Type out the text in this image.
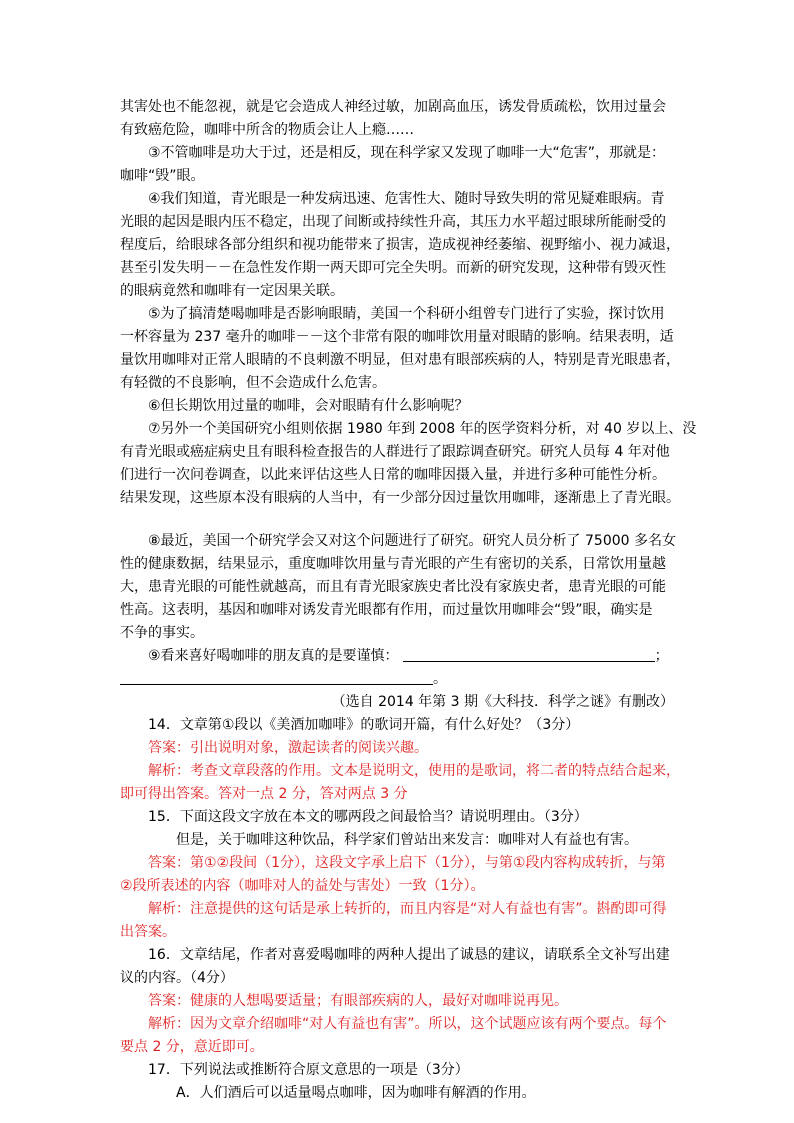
其害处也不能忽视，就是它会造成人神经过敏，加剧高血压，诱发骨质疏松，饮用过量会
有致癌危险，咖啡中所含的物质会让人上瘾……
③不管咖啡是功大于过，还是相反，现在科学家又发现了咖啡一大“危害”，那就是：
咖啡“毁”眼。
④我们知道，青光眼是一种发病迅速、危害性大、随时导致失明的常见疑难眼病。青
光眼的起因是眼内压不稳定，出现了间断或持续性升高，其压力水平超过眼球所能耐受的
程度后，给眼球各部分组织和视功能带来了损害，造成视神经萎缩、视野缩小、视力减退，
甚至引发失明－－在急性发作期一两天即可完全失明。而新的研究发现，这种带有毁灭性
的眼病竟然和咖啡有一定因果关联。
⑤为了搞清楚喝咖啡是否影响眼睛，美国一个科研小组曾专门进行了实验，探讨饮用
一杯容量为 237 毫升的咖啡－－这个非常有限的咖啡饮用量对眼睛的影响。结果表明，适
量饮用咖啡对正常人眼睛的不良刺激不明显，但对患有眼部疾病的人，特别是青光眼患者，
有轻微的不良影响，但不会造成什么危害。
⑥但长期饮用过量的咖啡，会对眼睛有什么影响呢？
⑦另外一个美国研究小组则依据 1980 年到 2008 年的医学资料分析，对 40 岁以上、没
有青光眼或癌症病史且有眼科检查报告的人群进行了跟踪调查研究。研究人员每 4 年对他
们进行一次问卷调查，以此来评估这些人日常的咖啡因摄入量，并进行多种可能性分析。
结果发现，这些原本没有眼病的人当中，有一少部分因过量饮用咖啡，逐渐患上了青光眼。
⑧最近，美国一个研究学会又对这个问题进行了研究。研究人员分析了 75000 多名女
性的健康数据，结果显示，重度咖啡饮用量与青光眼的产生有密切的关系，日常饮用量越
大，患青光眼的可能性就越高，而且有青光眼家族史者比没有家族史者，患青光眼的可能
性高。这表明，基因和咖啡对诱发青光眼都有作用，而过量饮用咖啡会“毁”眼，确实是
不争的事实。
⑨看来喜好喝咖啡的朋友真的是要谨慎：	；
。
（选自 2014 年第 3 期《大科技．科学之谜》有删改）
14．文章第①段以《美酒加咖啡》的歌词开篇，有什么好处？（3分）
答案：引出说明对象，激起读者的阅读兴趣。
解析：考查文章段落的作用。文本是说明文，使用的是歌词，将二者的特点结合起来，
即可得出答案。答对一点 2 分，答对两点 3 分
15．下面这段文字放在本文的哪两段之间最恰当？请说明理由。（3分）
但是，关于咖啡这种饮品，科学家们曾站出来发言：咖啡对人有益也有害。
答案：第①②段间（1分），这段文字承上启下（1分），与第①段内容构成转折，与第
②段所表述的内容（咖啡对人的益处与害处）一致（1分）。
解析：注意提供的这句话是承上转折的，而且内容是“对人有益也有害”。斟酌即可得
出答案。
16．文章结尾，作者对喜爱喝咖啡的两种人提出了诚恳的建议，请联系全文补写出建
议的内容。（4分）
答案：健康的人想喝要适量；有眼部疾病的人，最好对咖啡说再见。
解析：因为文章介绍咖啡“对人有益也有害”。所以，这个试题应该有两个要点。每个
要点 2 分，意近即可。
17．下列说法或推断符合原文意思的一项是（3分）
A．人们酒后可以适量喝点咖啡，因为咖啡有解酒的作用。
